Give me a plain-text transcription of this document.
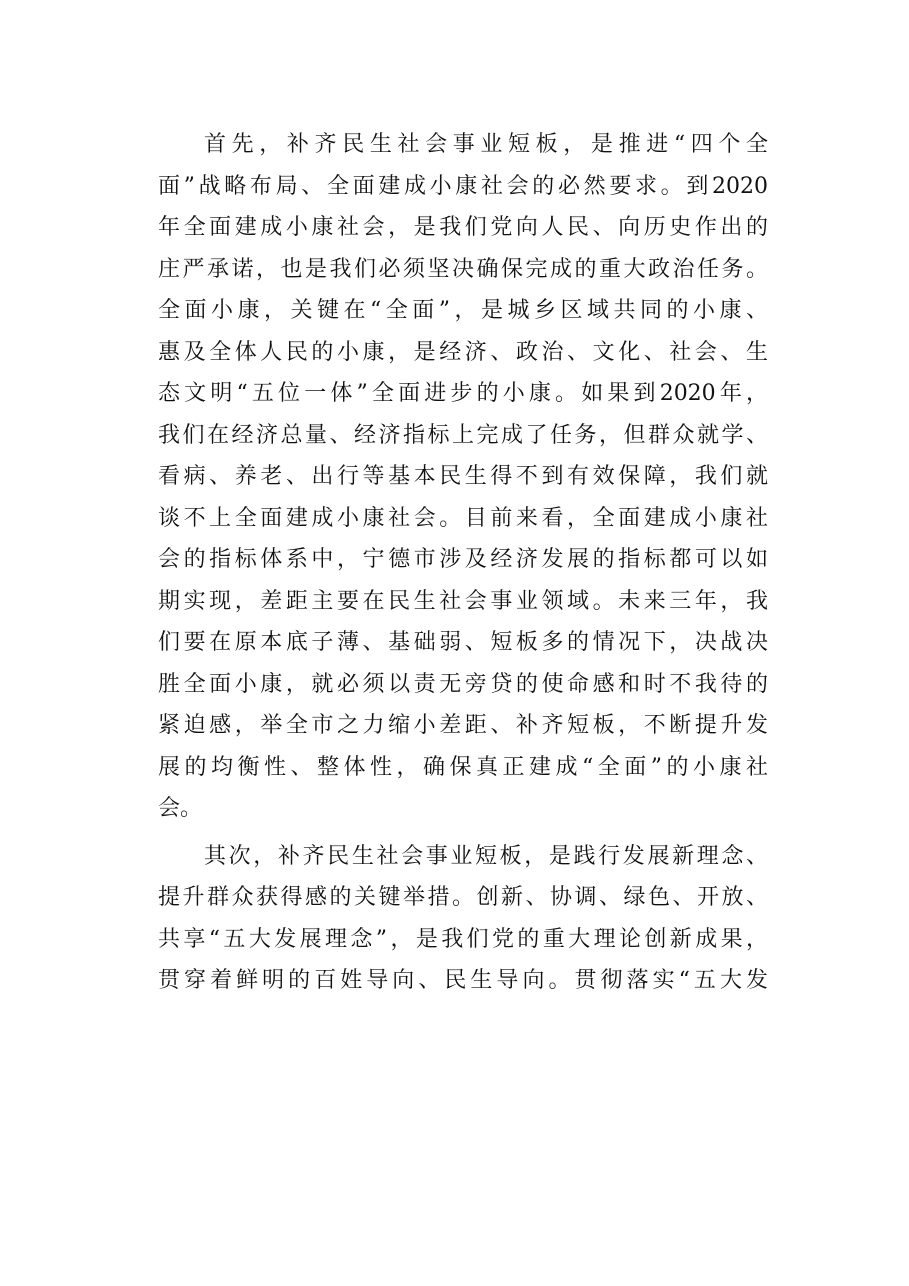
首先，补齐民生社会事业短板，是推进“四个全
面”战略布局、全面建成小康社会的必然要求。到2020
年全面建成小康社会，是我们党向人民、向历史作出的
庄严承诺，也是我们必须坚决确保完成的重大政治任务。
全面小康，关键在“全面”，是城乡区域共同的小康、
惠及全体人民的小康，是经济、政治、文化、社会、生
态文明“五位一体”全面进步的小康。如果到2020年，
我们在经济总量、经济指标上完成了任务，但群众就学、
看病、养老、出行等基本民生得不到有效保障，我们就
谈不上全面建成小康社会。目前来看，全面建成小康社
会的指标体系中，宁德市涉及经济发展的指标都可以如
期实现，差距主要在民生社会事业领域。未来三年，我
们要在原本底子薄、基础弱、短板多的情况下，决战决
胜全面小康，就必须以责无旁贷的使命感和时不我待的
紧迫感，举全市之力缩小差距、补齐短板，不断提升发
展的均衡性、整体性，确保真正建成“全面”的小康社
会。
其次，补齐民生社会事业短板，是践行发展新理念、
提升群众获得感的关键举措。创新、协调、绿色、开放、
共享“五大发展理念”，是我们党的重大理论创新成果，
贯穿着鲜明的百姓导向、民生导向。贯彻落实“五大发
